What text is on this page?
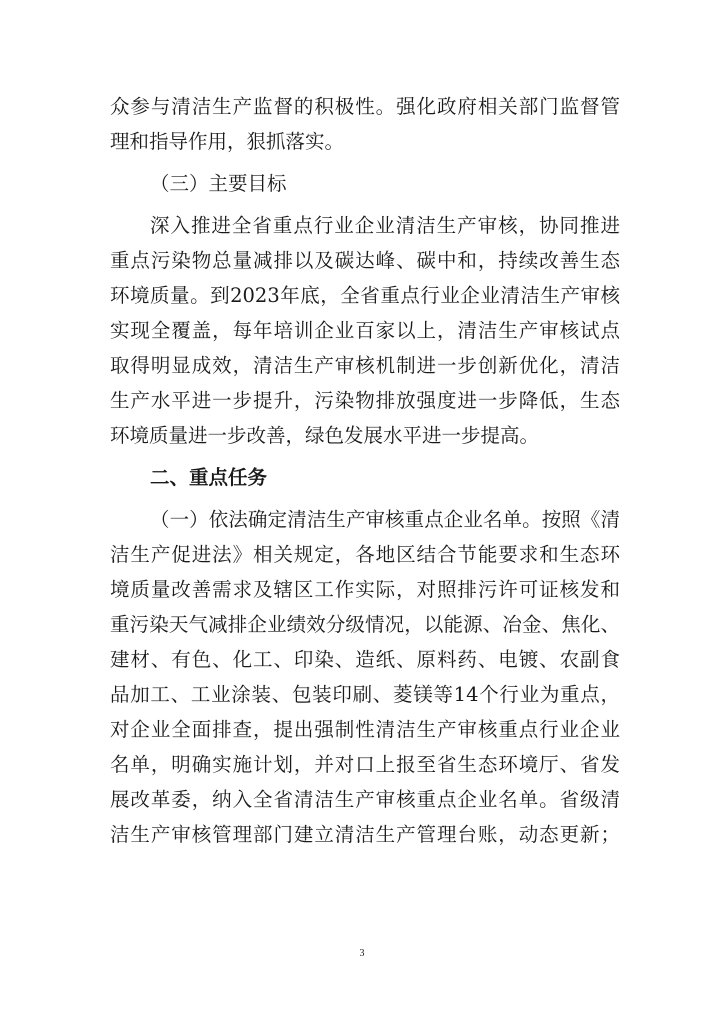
众参与清洁生产监督的积极性。强化政府相关部门监督管
理和指导作用，狠抓落实。
（三）主要目标
深入推进全省重点行业企业清洁生产审核，协同推进
重点污染物总量减排以及碳达峰、碳中和，持续改善生态
环境质量。到2023年底，全省重点行业企业清洁生产审核
实现全覆盖，每年培训企业百家以上，清洁生产审核试点
取得明显成效，清洁生产审核机制进一步创新优化，清洁
生产水平进一步提升，污染物排放强度进一步降低，生态
环境质量进一步改善，绿色发展水平进一步提高。
二、重点任务
（一）依法确定清洁生产审核重点企业名单。按照《清
洁生产促进法》相关规定，各地区结合节能要求和生态环
境质量改善需求及辖区工作实际，对照排污许可证核发和
重污染天气减排企业绩效分级情况，以能源、冶金、焦化、
建材、有色、化工、印染、造纸、原料药、电镀、农副食
品加工、工业涂装、包装印刷、菱镁等14个行业为重点，
对企业全面排查，提出强制性清洁生产审核重点行业企业
名单，明确实施计划，并对口上报至省生态环境厅、省发
展改革委，纳入全省清洁生产审核重点企业名单。省级清
洁生产审核管理部门建立清洁生产管理台账，动态更新；
3
